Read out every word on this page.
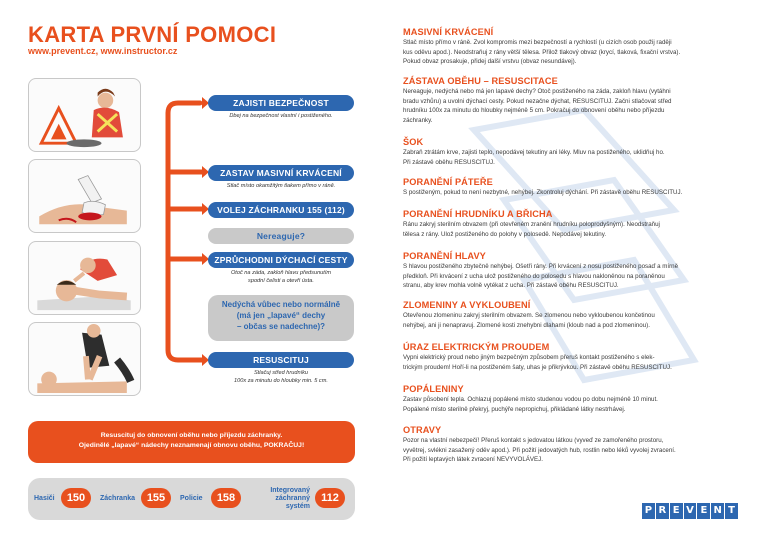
KARTA PRVNÍ POMOCI
www.prevent.cz, www.instructor.cz
ZAJISTI BEZPEČNOST
Dbej na bezpečnost vlastní i postiženého.
ZASTAV MASIVNÍ KRVÁCENÍ
Stlač místo okamžitým tlakem přímo v ráně.
VOLEJ ZÁCHRANKU 155 (112)
Nereaguje?
ZPRŮCHODNI DÝCHACÍ CESTY
Otoč na záda, zakloň hlavu předsunutím
spodní čelisti a otevři ústa.
Nedýchá vůbec nebo normálně
(má jen „lapavé“ dechy
– občas se nadechne)?
RESUSCITUJ
Stlačuj střed hrudníku
100x za minutu do hloubky min. 5 cm.
Resuscituj do obnovení oběhu nebo příjezdu záchranky.
Ojedinělé „lapavé“ nádechy neznamenají obnovu oběhu, POKRAČUJ!
Hasiči	150	Záchranka	155	Policie	158
Integrovaný
záchranný systém
112
MASIVNÍ KRVÁCENÍ
Stlač místo přímo v ráně. Zvol kompromis mezi bezpečností a rychlostí (u cizích osob použij raději
kus oděvu apod.). Neodstraňuj z rány větší tělesa. Přilož tlakový obvaz (krycí, tlaková, fixační vrstva).
Pokud obvaz prosakuje, přidej další vrstvu (obvaz nesundávej).
ZÁSTAVA OBĚHU – RESUSCITACE
Nereaguje, nedýchá nebo má jen lapavé dechy? Otoč postiženého na záda, zakloň hlavu (vytáhni
bradu vzhůru) a uvolni dýchací cesty. Pokud nezačne dýchat, RESUSCITUJ. Začni stlačovat střed
hrudníku 100x za minutu do hloubky nejméně 5 cm. Pokračuj do obnovení oběhu nebo příjezdu
záchranky.
ŠOK
Zabraň ztrátám krve, zajisti teplo, nepodávej tekutiny ani léky. Mluv na postiženého, uklidňuj ho.
Při zástavě oběhu RESUSCITUJ.
PORANĚNÍ PÁTEŘE
S postiženým, pokud to není nezbytné, nehýbej. Zkontroluj dýchání. Při zástavě oběhu RESUSCITUJ.
PORANĚNÍ HRUDNÍKU A BŘICHA
Ránu zakryj sterilním obvazem (při otevřeném zranění hrudníku poloprodyšným). Neodstraňuj
tělesa z rány. Ulož postiženého do polohy v polosedě. Nepodávej tekutiny.
PORANĚNÍ HLAVY
S hlavou postiženého zbytečně nehýbej. Ošetři rány. Při krvácení z nosu postiženého posaď a mírně
předkloň. Při krvácení z ucha ulož postiženého do polosedu s hlavou nakloněnou na poraněnou
stranu, aby krev mohla volně vytékat z ucha. Při zástavě oběhu RESUSCITUJ.
ZLOMENINY A VYKLOUBENÍ
Otevřenou zlomeninu zakryj sterilním obvazem. Se zlomenou nebo vykloubenou končetinou
nehýbej, ani ji nenapravuj. Zlomené kosti znehybni dlahami (kloub nad a pod zlomeninou).
ÚRAZ ELEKTRICKÝM PROUDEM
Vypni elektrický proud nebo jiným bezpečným způsobem přeruš kontakt postiženého s elek-
trickým proudem! Hoří-li na postiženém šaty, uhas je přikrývkou. Při zástavě oběhu RESUSCITUJ.
POPÁLENINY
Zastav působení tepla. Ochlazuj popálené místo studenou vodou po dobu nejméně 10 minut.
Popálené místo sterilně překryj, puchýře nepropichuj, přikládané látky nestrhávej.
OTRAVY
Pozor na vlastní nebezpečí! Přeruš kontakt s jedovatou látkou (vyveď ze zamořeného prostoru,
vyvětrej, svlékni zasažený oděv apod.). Při požití jedovatých hub, rostlin nebo léků vyvolej zvracení.
Při požití leptavých látek zvracení NEVYVOLÁVEJ.
P R E V E N T
